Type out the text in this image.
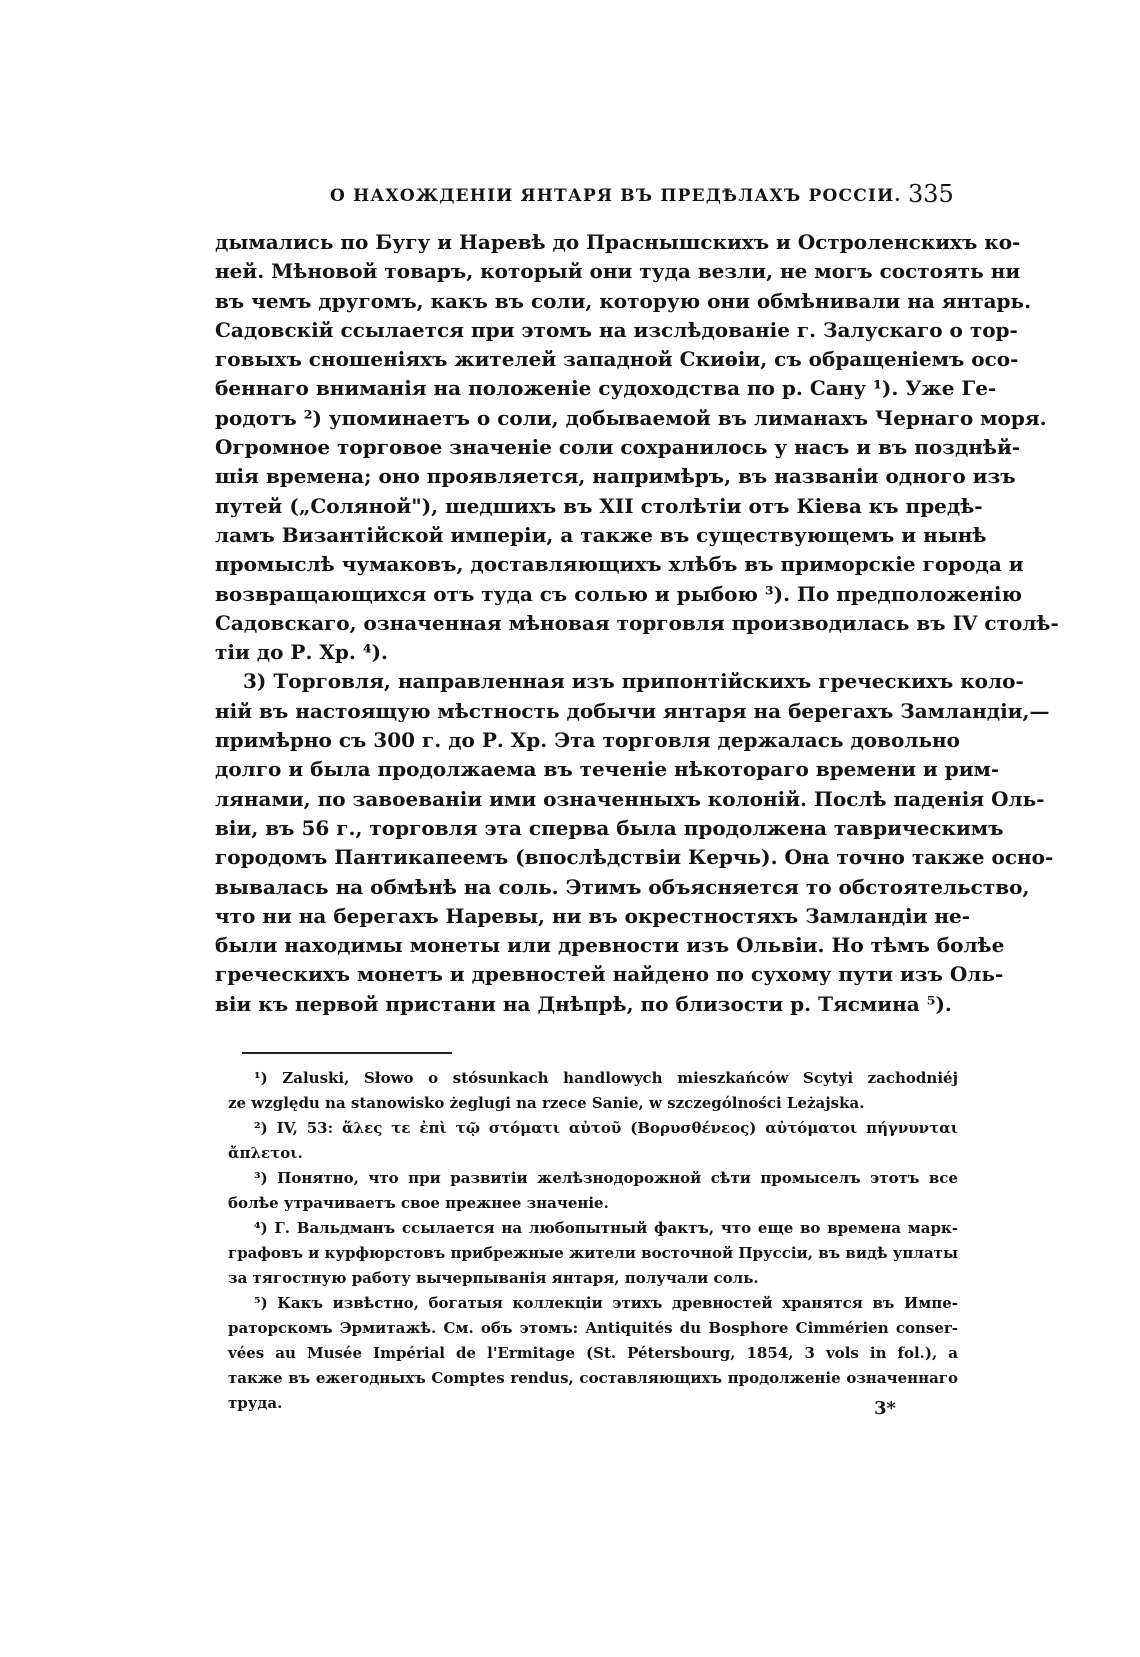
О НАХОЖДЕНІИ ЯНТАРЯ ВЪ ПРЕДѢЛАХЪ РОССІИ. 335
дымались по Бугу и Наревѣ до Праснышскихъ и Остроленскихъ ко-
ней. Мѣновой товаръ, который они туда везли, не могъ состоять ни
въ чемъ другомъ, какъ въ соли, которую они обмѣнивали на янтарь.
Садовскій ссылается при этомъ на изслѣдованіе г. Залускаго о тор-
говыхъ сношеніяхъ жителей западной Скиѳіи, съ обращеніемъ осо-
беннаго вниманія на положеніе судоходства по р. Сану ¹). Уже Ге-
родотъ ²) упоминаетъ о соли, добываемой въ лиманахъ Чернаго моря.
Огромное торговое значеніе соли сохранилось у насъ и въ позднѣй-
шія времена; оно проявляется, напримѣръ, въ названіи одного изъ
путей („Соляной"), шедшихъ въ XII столѣтіи отъ Кіева къ предѣ-
ламъ Византійской имперіи, а также въ существующемъ и нынѣ
промыслѣ чумаковъ, доставляющихъ хлѣбъ въ приморскіе города и
возвращающихся отъ туда съ солью и рыбою ³). По предположенію
Садовскаго, означенная мѣновая торговля производилась въ IV столѣ-
тіи до Р. Хр. ⁴).
3) Торговля, направленная изъ припонтійскихъ греческихъ коло-
ній въ настоящую мѣстность добычи янтаря на берегахъ Замландіи,—
примѣрно съ 300 г. до Р. Хр. Эта торговля держалась довольно
долго и была продолжаема въ теченіе нѣкотораго времени и рим-
лянами, по завоеваніи ими означенныхъ колоній. Послѣ паденія Оль-
віи, въ 56 г., торговля эта сперва была продолжена таврическимъ
городомъ Пантикапеемъ (впослѣдствіи Керчь). Она точно также осно-
вывалась на обмѣнѣ на соль. Этимъ объясняется то обстоятельство,
что ни на берегахъ Наревы, ни въ окрестностяхъ Замландіи не-
были находимы монеты или древности изъ Ольвіи. Но тѣмъ болѣе
греческихъ монетъ и древностей найдено по сухому пути изъ Оль-
віи къ первой пристани на Днѣпрѣ, по близости р. Тясмина ⁵).
¹) Zaluski, Słowo o stósunkach handlowych mieszkańców Scytyi zachodniéj
ze względu na stanowisko żeglugi na rzece Sanie, w szczególności Leżajska.
²) IV, 53: ἅλες τε ἐπὶ τῷ στόματι αὐτοῦ (Βορυσθένεος) αὐτόματοι πήγνυνται
ἄπλετοι.
³) Понятно, что при развитіи желѣзнодорожной сѣти промыселъ этотъ все
болѣе утрачиваетъ свое прежнее значеніе.
⁴) Г. Вальдманъ ссылается на любопытный фактъ, что еще во времена марк-
графовъ и курфюрстовъ прибрежные жители восточной Пруссіи, въ видѣ уплаты
за тягостную работу вычерпыванія янтаря, получали соль.
⁵) Какъ извѣстно, богатыя коллекціи этихъ древностей хранятся въ Импе-
раторскомъ Эрмитажѣ. См. объ этомъ: Antiquités du Bosphore Cimmérien conser-
vées au Musée Impérial de l'Ermitage (St. Pétersbourg, 1854, 3 vols in fol.), а
также въ ежегодныхъ Comptes rendus, составляющихъ продолженіе означеннаго
труда.	3*
